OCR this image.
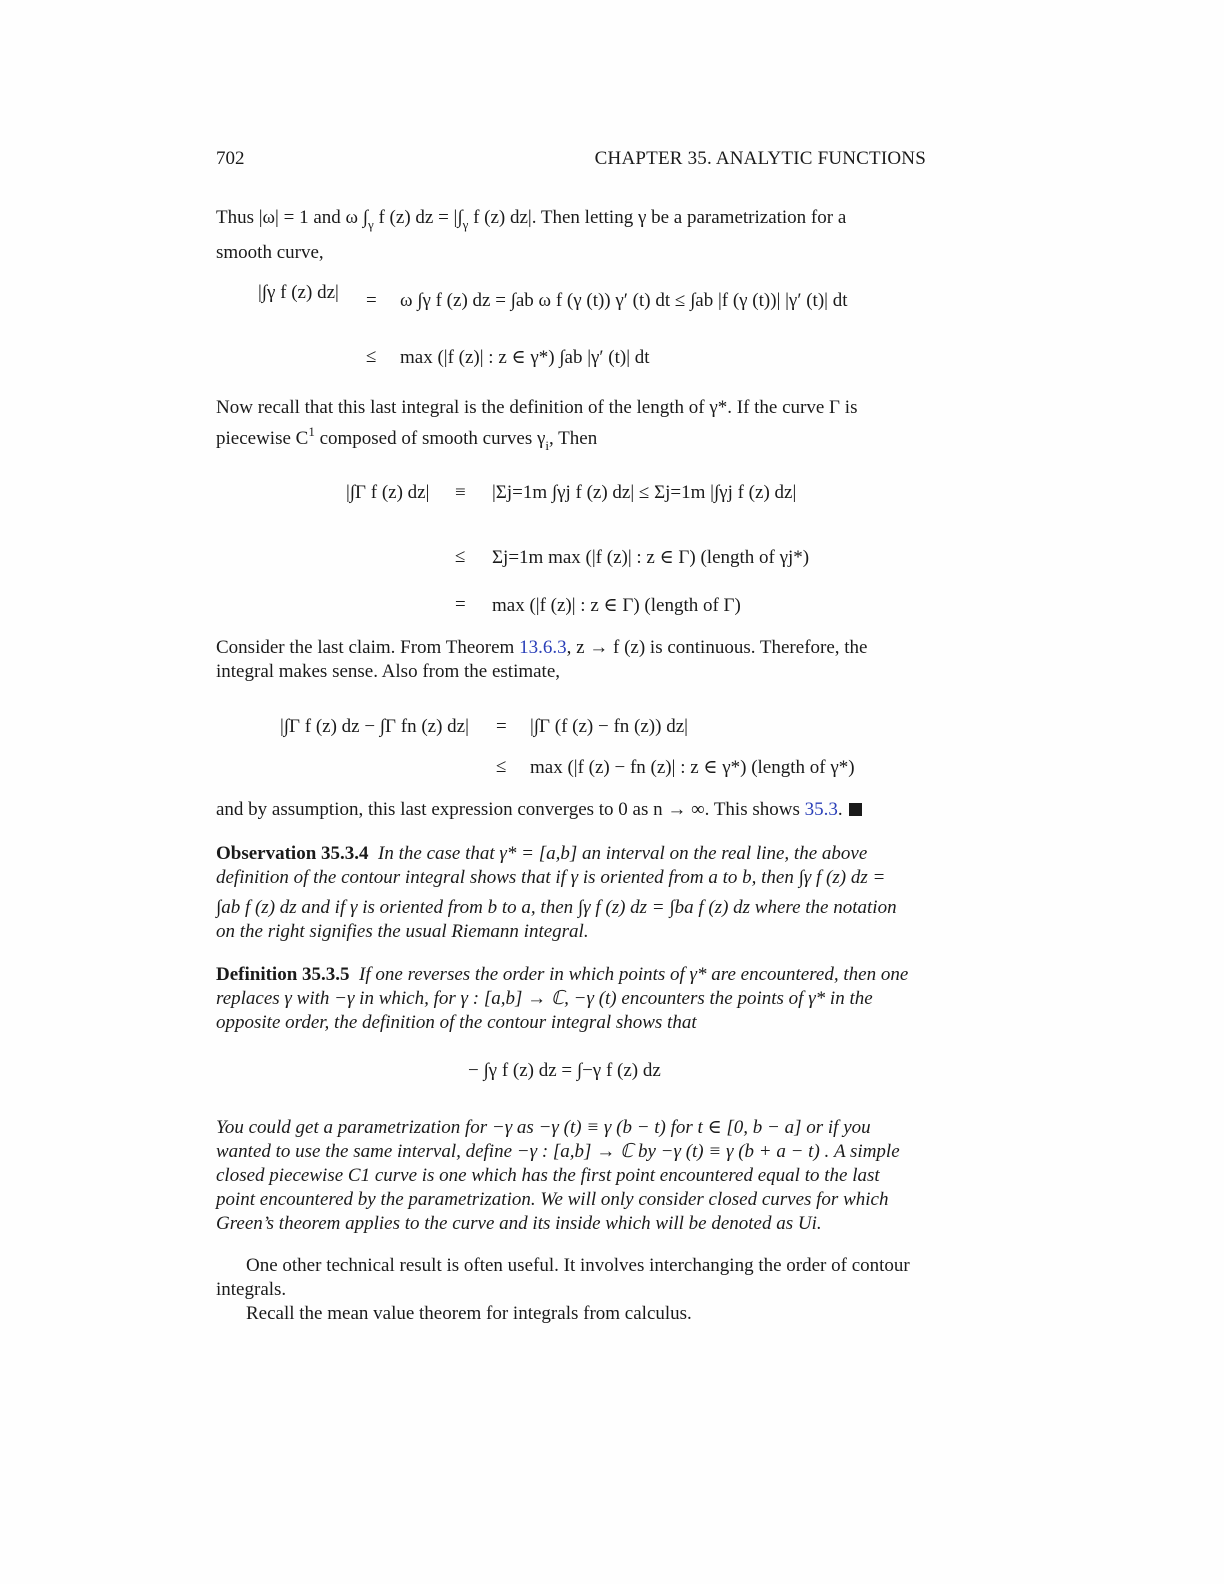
702	CHAPTER 35. ANALYTIC FUNCTIONS
Thus |ω| = 1 and ω $\int_\gamma$ f (z) dz = $|\int_\gamma$ f (z) dz|. Then letting γ be a parametrization for a
smooth curve,
|∫γ f (z) dz| = ω ∫γ f (z) dz = ∫ab ω f (γ (t)) γ′ (t) dt ≤ ∫ab |f (γ (t))| |γ′ (t)| dt
≤ max (|f (z)| : z ∈ γ*) ∫ab |γ′ (t)| dt
Now recall that this last integral is the definition of the length of γ*. If the curve Γ is
piecewise $C^1$ composed of smooth curves $\gamma_i$, Then
|∫Γ f (z) dz| ≡ |Σj=1m ∫γj f (z) dz| ≤ Σj=1m |∫γj f (z) dz|
≤ Σj=1m max (|f (z)| : z ∈ Γ) (length of γj*)
= max (|f (z)| : z ∈ Γ) (length of Γ)
Consider the last claim. From Theorem 13.6.3, z → f (z) is continuous. Therefore, the
integral makes sense. Also from the estimate,
|∫Γ f (z) dz − ∫Γ fn (z) dz| = |∫Γ (f (z) − fn (z)) dz|
≤ max (|f (z) − fn (z)| : z ∈ γ*) (length of γ*)
and by assumption, this last expression converges to 0 as n → ∞. This shows 35.3.
Observation 35.3.4 In the case that γ* = [a,b] an interval on the real line, the above
definition of the contour integral shows that if γ is oriented from a to b, then ∫γ f (z) dz =
∫ab f (z) dz and if γ is oriented from b to a, then ∫γ f (z) dz = ∫ba f (z) dz where the notation
on the right signifies the usual Riemann integral.
Definition 35.3.5 If one reverses the order in which points of γ* are encountered, then one
replaces γ with −γ in which, for γ : [a,b] → ℂ, −γ (t) encounters the points of γ* in the
opposite order, the definition of the contour integral shows that
− ∫γ f (z) dz = ∫−γ f (z) dz
You could get a parametrization for −γ as −γ (t) ≡ γ (b − t) for t ∈ [0, b − a] or if you
wanted to use the same interval, define −γ : [a,b] → ℂ by −γ (t) ≡ γ (b + a − t) . A simple
closed piecewise C1 curve is one which has the first point encountered equal to the last
point encountered by the parametrization. We will only consider closed curves for which
Green’s theorem applies to the curve and its inside which will be denoted as Ui.
One other technical result is often useful. It involves interchanging the order of contour
integrals.
Recall the mean value theorem for integrals from calculus.
